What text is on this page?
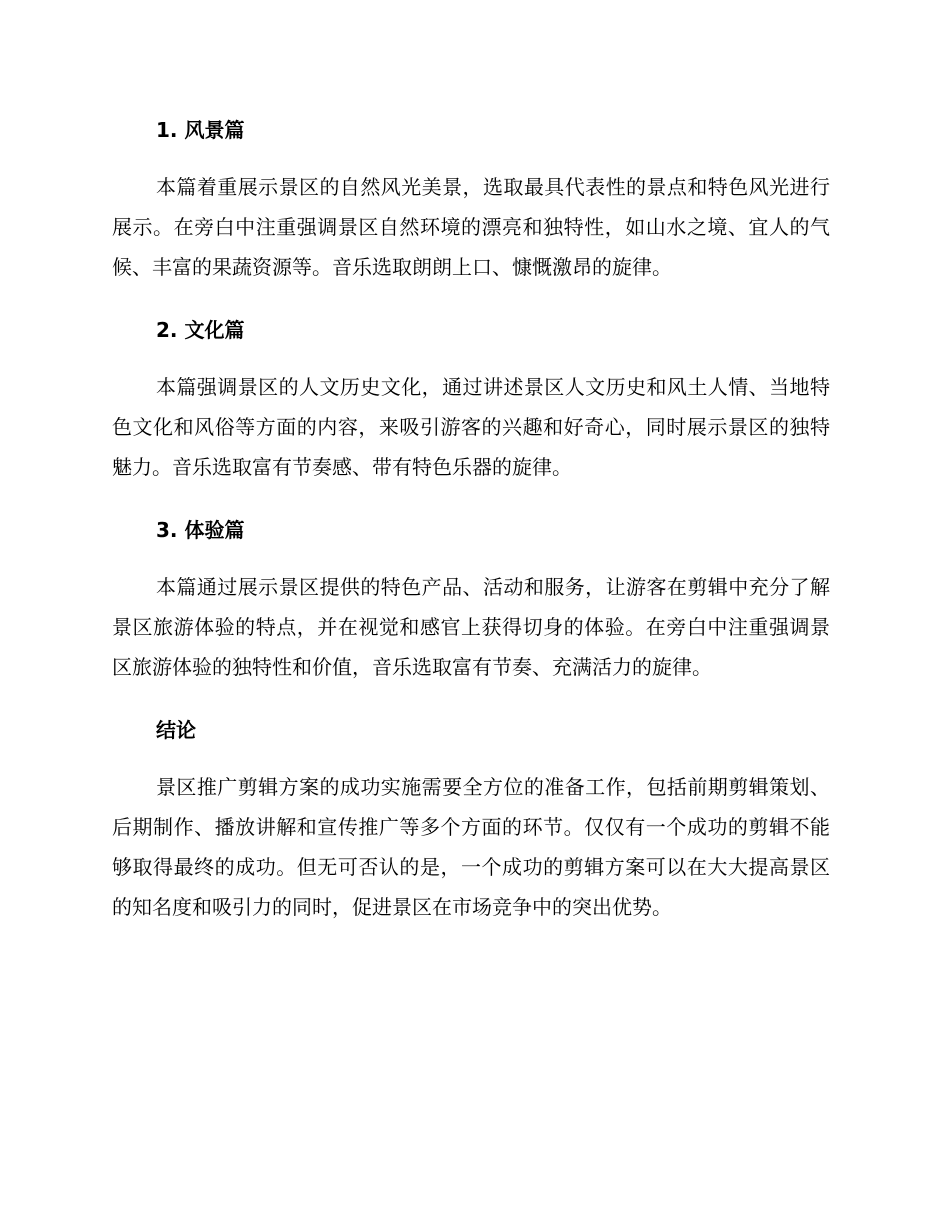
1. 风景篇

本篇着重展示景区的自然风光美景，选取最具代表性的景点和特色风光进行展示。在旁白中注重强调景区自然环境的漂亮和独特性，如山水之境、宜人的气候、丰富的果蔬资源等。音乐选取朗朗上口、慷慨激昂的旋律。

2. 文化篇

本篇强调景区的人文历史文化，通过讲述景区人文历史和风土人情、当地特色文化和风俗等方面的内容，来吸引游客的兴趣和好奇心，同时展示景区的独特魅力。音乐选取富有节奏感、带有特色乐器的旋律。

3. 体验篇

本篇通过展示景区提供的特色产品、活动和服务，让游客在剪辑中充分了解景区旅游体验的特点，并在视觉和感官上获得切身的体验。在旁白中注重强调景区旅游体验的独特性和价值，音乐选取富有节奏、充满活力的旋律。

结论

景区推广剪辑方案的成功实施需要全方位的准备工作，包括前期剪辑策划、后期制作、播放讲解和宣传推广等多个方面的环节。仅仅有一个成功的剪辑不能够取得最终的成功。但无可否认的是，一个成功的剪辑方案可以在大大提高景区的知名度和吸引力的同时，促进景区在市场竞争中的突出优势。
